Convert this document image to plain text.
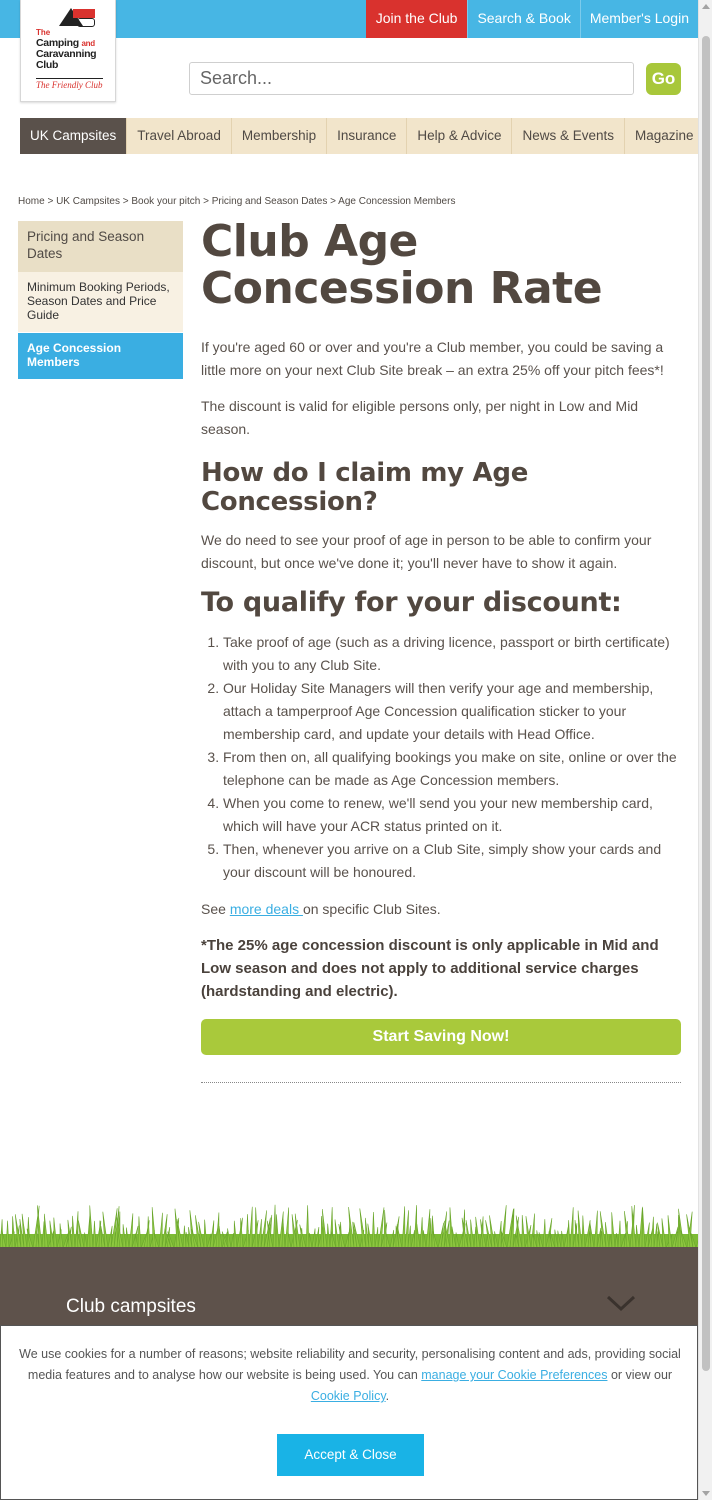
Join the Club	Search & Book	Member's Login
The
Camping and
Caravanning
Club
The Friendly Club
Search...	Go
UK Campsites	Travel Abroad	Membership	Insurance	Help & Advice	News & Events	Magazine
Home > UK Campsites > Book your pitch > Pricing and Season Dates > Age Concession Members
Pricing and Season Dates
Minimum Booking Periods, Season Dates and Price Guide
Age Concession Members
Club Age Concession Rate

If you're aged 60 or over and you're a Club member, you could be saving a little more on your next Club Site break – an extra 25% off your pitch fees*!

The discount is valid for eligible persons only, per night in Low and Mid season.

How do I claim my Age Concession?

We do need to see your proof of age in person to be able to confirm your discount, but once we've done it; you'll never have to show it again.

To qualify for your discount:
1. Take proof of age (such as a driving licence, passport or birth certificate) with you to any Club Site.
2. Our Holiday Site Managers will then verify your age and membership, attach a tamperproof Age Concession qualification sticker to your membership card, and update your details with Head Office.
3. From then on, all qualifying bookings you make on site, online or over the telephone can be made as Age Concession members.
4. When you come to renew, we'll send you your new membership card, which will have your ACR status printed on it.
5. Then, whenever you arrive on a Club Site, simply show your cards and your discount will be honoured.

See more deals on specific Club Sites.

*The 25% age concession discount is only applicable in Mid and Low season and does not apply to additional service charges (hardstanding and electric).

Start Saving Now!
Club campsites
We use cookies for a number of reasons; website reliability and security, personalising content and ads, providing social media features and to analyse how our website is being used. You can manage your Cookie Preferences or view our Cookie Policy.
Accept & Close
